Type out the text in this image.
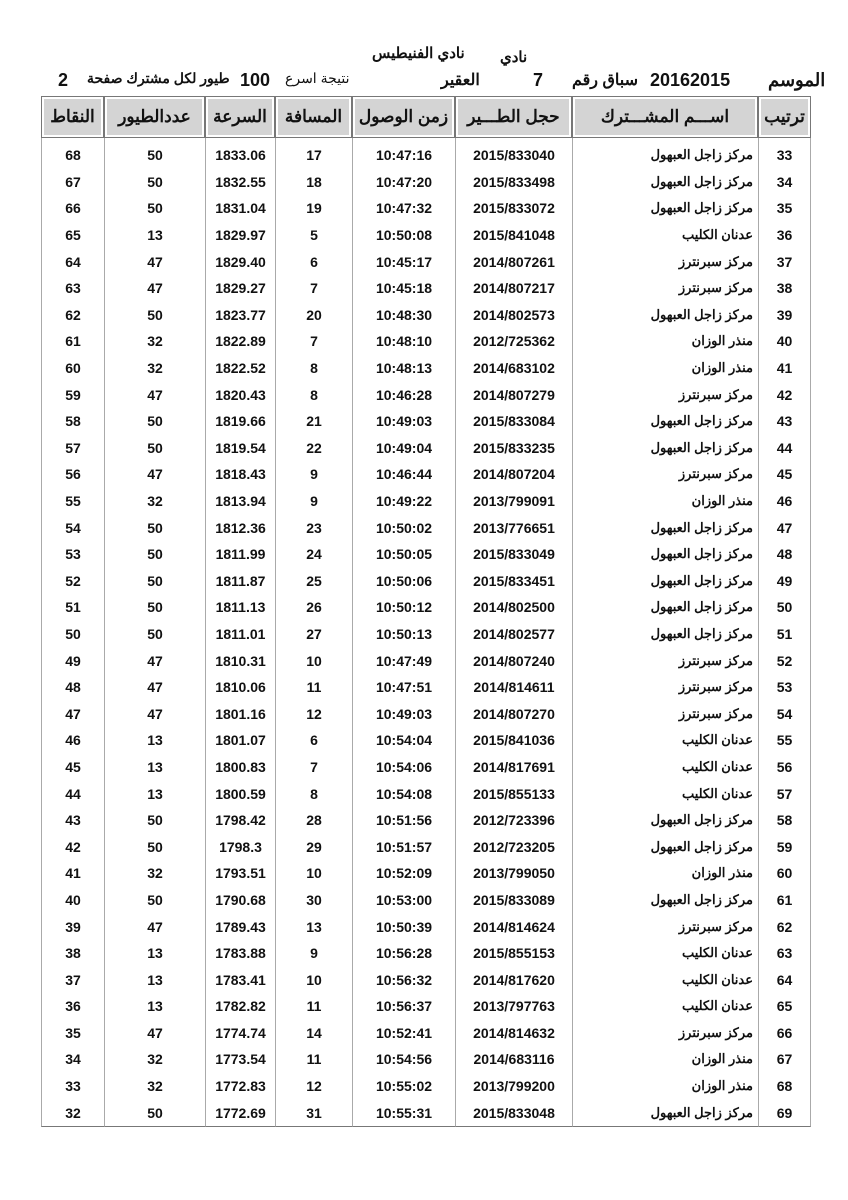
نادي
نادي الفنيطيس
الموسم
20162015
سباق رقم
7
العقير
نتيجة اسرع
100
طيور لكل مشترك صفحة
2
النقاط	عددالطيور	السرعة	المسافة	زمن الوصول	حجل الطـــير	اســـم المشـــترك	ترتيب
68	50	1833.06	17	10:47:16	2015/833040	مركز زاجل العبهول	33
67	50	1832.55	18	10:47:20	2015/833498	مركز زاجل العبهول	34
66	50	1831.04	19	10:47:32	2015/833072	مركز زاجل العبهول	35
65	13	1829.97	5	10:50:08	2015/841048	عدنان الكليب	36
64	47	1829.40	6	10:45:17	2014/807261	مركز سبرنترز	37
63	47	1829.27	7	10:45:18	2014/807217	مركز سبرنترز	38
62	50	1823.77	20	10:48:30	2014/802573	مركز زاجل العبهول	39
61	32	1822.89	7	10:48:10	2012/725362	منذر الوزان	40
60	32	1822.52	8	10:48:13	2014/683102	منذر الوزان	41
59	47	1820.43	8	10:46:28	2014/807279	مركز سبرنترز	42
58	50	1819.66	21	10:49:03	2015/833084	مركز زاجل العبهول	43
57	50	1819.54	22	10:49:04	2015/833235	مركز زاجل العبهول	44
56	47	1818.43	9	10:46:44	2014/807204	مركز سبرنترز	45
55	32	1813.94	9	10:49:22	2013/799091	منذر الوزان	46
54	50	1812.36	23	10:50:02	2013/776651	مركز زاجل العبهول	47
53	50	1811.99	24	10:50:05	2015/833049	مركز زاجل العبهول	48
52	50	1811.87	25	10:50:06	2015/833451	مركز زاجل العبهول	49
51	50	1811.13	26	10:50:12	2014/802500	مركز زاجل العبهول	50
50	50	1811.01	27	10:50:13	2014/802577	مركز زاجل العبهول	51
49	47	1810.31	10	10:47:49	2014/807240	مركز سبرنترز	52
48	47	1810.06	11	10:47:51	2014/814611	مركز سبرنترز	53
47	47	1801.16	12	10:49:03	2014/807270	مركز سبرنترز	54
46	13	1801.07	6	10:54:04	2015/841036	عدنان الكليب	55
45	13	1800.83	7	10:54:06	2014/817691	عدنان الكليب	56
44	13	1800.59	8	10:54:08	2015/855133	عدنان الكليب	57
43	50	1798.42	28	10:51:56	2012/723396	مركز زاجل العبهول	58
42	50	1798.3	29	10:51:57	2012/723205	مركز زاجل العبهول	59
41	32	1793.51	10	10:52:09	2013/799050	منذر الوزان	60
40	50	1790.68	30	10:53:00	2015/833089	مركز زاجل العبهول	61
39	47	1789.43	13	10:50:39	2014/814624	مركز سبرنترز	62
38	13	1783.88	9	10:56:28	2015/855153	عدنان الكليب	63
37	13	1783.41	10	10:56:32	2014/817620	عدنان الكليب	64
36	13	1782.82	11	10:56:37	2013/797763	عدنان الكليب	65
35	47	1774.74	14	10:52:41	2014/814632	مركز سبرنترز	66
34	32	1773.54	11	10:54:56	2014/683116	منذر الوزان	67
33	32	1772.83	12	10:55:02	2013/799200	منذر الوزان	68
32	50	1772.69	31	10:55:31	2015/833048	مركز زاجل العبهول	69
